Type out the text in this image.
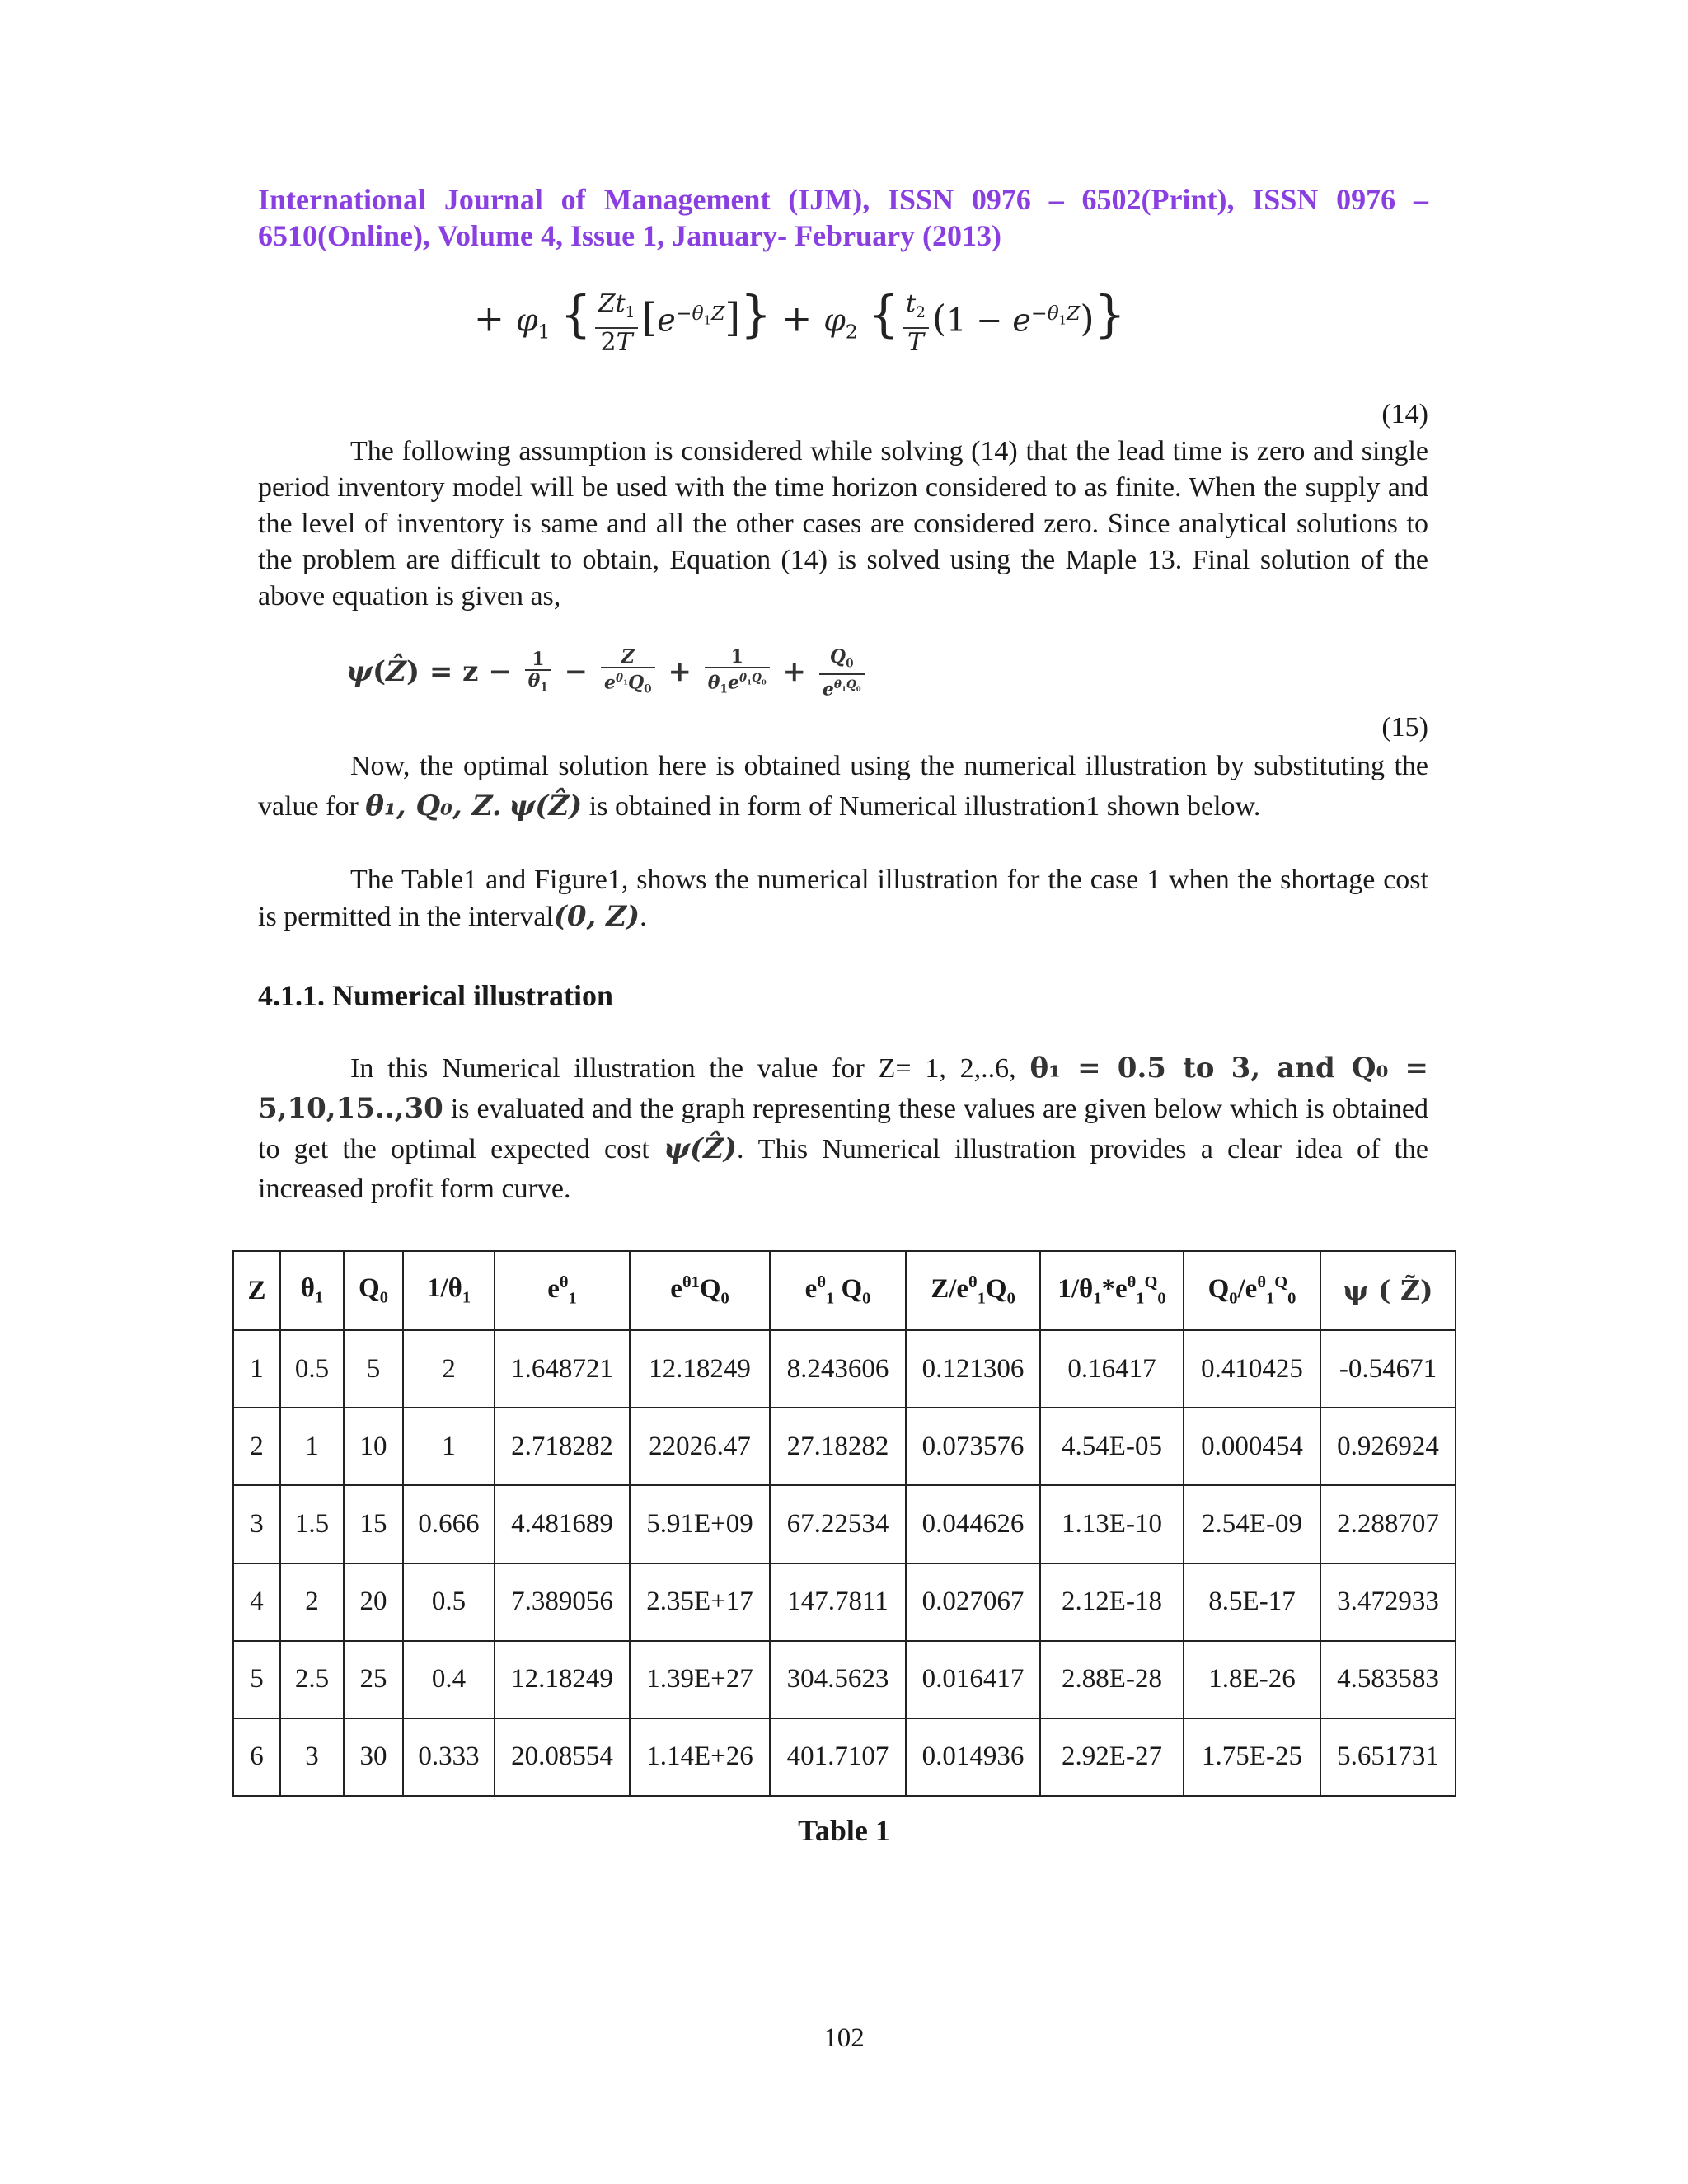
International Journal of Management (IJM), ISSN 0976 – 6502(Print), ISSN 0976 –
6510(Online), Volume 4, Issue 1, January- February (2013)
+ $\varphi_1$ { $\frac{Zt_1}{2T} [e^{-\theta_1Z}]\} + \varphi_2$ { $\frac{t_2}{T} (1 - e^{-\theta_1Z})$}
(14)
The following assumption is considered while solving (14) that the lead time is zero and single period inventory model will be used with the time horizon considered to as finite. When the supply and the level of inventory is same and all the other cases are considered zero. Since analytical solutions to the problem are difficult to obtain, Equation (14) is solved using the Maple 13. Final solution of the above equation is given as,
ψ(Ẑ) = $z - \frac{1}{\theta_1} - \frac{Z}{e^{\theta_1}Q_0} + \frac{1}{\theta_1e^{\theta_1Q_0}} + \frac{Q_0}{e^{\theta_1Q_0}}$
(15)
Now, the optimal solution here is obtained using the numerical illustration by substituting the value for θ₁, Q₀, Z. ψ(Ẑ) is obtained in form of Numerical illustration1 shown below.
The Table1 and Figure1, shows the numerical illustration for the case 1 when the shortage cost is permitted in the interval(0, Z).
4.1.1. Numerical illustration
In this Numerical illustration the value for Z= 1, 2,..6, θ₁ = 0.5 to 3, and Q₀ = 5,10,15..,30 is evaluated and the graph representing these values are given below which is obtained to get the optimal expected cost ψ(Ẑ). This Numerical illustration provides a clear idea of the increased profit form curve.
Z	$\theta_1$	$Q_0$	$1/\theta_1$	$e^\theta_1$	$e^{\theta 1}Q_0$	$e^\theta_1$ $Q_0$	$Z/e^\theta_1Q_0$	$1/\theta_1*e^\theta_1^Q_0$	$Q_0/e^\theta_1^Q_0$	ψ ( Z̃)
1	0.5	5	2	1.648721	12.18249	8.243606	0.121306	0.16417	0.410425	-0.54671
2	1	10	1	2.718282	22026.47	27.18282	0.073576	4.54E-05	0.000454	0.926924
3	1.5	15	0.666	4.481689	5.91E+09	67.22534	0.044626	1.13E-10	2.54E-09	2.288707
4	2	20	0.5	7.389056	2.35E+17	147.7811	0.027067	2.12E-18	8.5E-17	3.472933
5	2.5	25	0.4	12.18249	1.39E+27	304.5623	0.016417	2.88E-28	1.8E-26	4.583583
6	3	30	0.333	20.08554	1.14E+26	401.7107	0.014936	2.92E-27	1.75E-25	5.651731
Table 1
102
